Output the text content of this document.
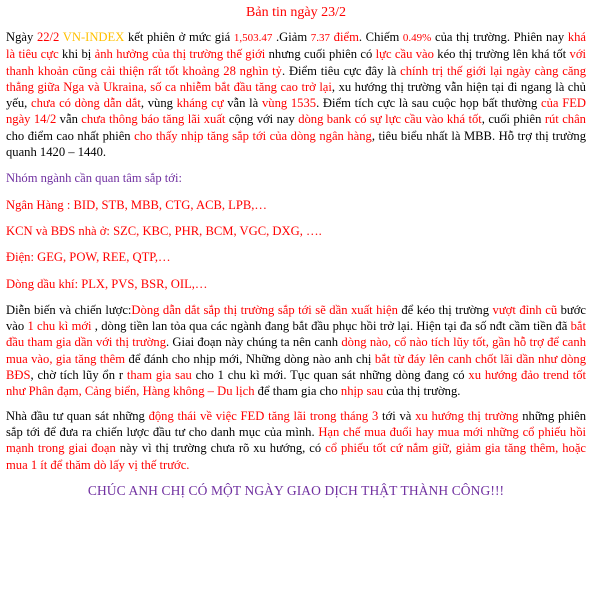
Bản tin ngày 23/2

Ngày 22/2 VN-INDEX kết phiên ở mức giá 1,503.47 .Giảm 7.37 điểm. Chiếm 0.49% của thị trường. Phiên nay khá là tiêu cực khi bị ảnh hưởng của thị trường thế giới nhưng cuối phiên có lực cầu vào kéo thị trường lên khá tốt với thanh khoản cũng cải thiện rất tốt khoảng 28 nghìn tỷ. Điểm tiêu cực đây là chính trị thế giới lại ngày càng căng thẳng giữa Nga và Ukraina, số ca nhiễm bắt đầu tăng cao trở lại, xu hướng thị trường vẫn hiện tại đi ngang là chủ yếu, chưa có dòng dẫn dắt, vùng kháng cự vẫn là vùng 1535. Điểm tích cực là sau cuộc họp bất thường của FED ngày 14/2 vẫn chưa thông báo tăng lãi xuất cộng với nay dòng bank có sự lực cầu vào khá tốt, cuối phiên rút chân cho điểm cao nhất phiên cho thấy nhịp tăng sắp tới của dòng ngân hàng, tiêu biểu nhất là MBB. Hỗ trợ thị trường quanh 1420 – 1440.

Nhóm ngành cần quan tâm sắp tới:

Ngân Hàng : BID, STB, MBB, CTG, ACB, LPB,…

KCN và BĐS nhà ở: SZC, KBC, PHR, BCM, VGC, DXG, ….

Điện: GEG, POW, REE, QTP,…

Dòng dầu khí: PLX, PVS, BSR, OIL,…

Diễn biến và chiến lược:Dòng dẫn dắt sắp thị trường sắp tới sẽ dần xuất hiện để kéo thị trường vượt đỉnh cũ bước vào 1 chu kì mới , dòng tiền lan tỏa qua các ngành đang bắt đầu phục hồi trở lại. Hiện tại đa số nđt cầm tiền đã bắt đầu tham gia dần với thị trường. Giai đoạn này chúng ta nên canh dòng nào, cổ nào tích lũy tốt, gần hỗ trợ để canh mua vào, gia tăng thêm để đánh cho nhịp mới, Những dòng nào anh chị bắt từ đáy lên canh chốt lãi dần như dòng BĐS, chờ tích lũy ổn r tham gia sau cho 1 chu kì mới. Tục quan sát những dòng đang có xu hướng đảo trend tốt như Phân đạm, Cảng biển, Hàng không – Du lịch để tham gia cho nhịp sau của thị trường.

Nhà đầu tư quan sát những động thái về việc FED tăng lãi trong tháng 3 tới và xu hướng thị trường những phiên sắp tới để đưa ra chiến lược đầu tư cho danh mục của mình. Hạn chế mua đuổi hay mua mới những cổ phiếu hồi mạnh trong giai đoạn này vì thị trường chưa rõ xu hướng, có cổ phiếu tốt cứ nắm giữ, giảm gia tăng thêm, hoặc mua 1 ít để thăm dò lấy vị thế trước.

CHÚC ANH CHỊ CÓ MỘT NGÀY GIAO DỊCH THẬT THÀNH CÔNG!!!
